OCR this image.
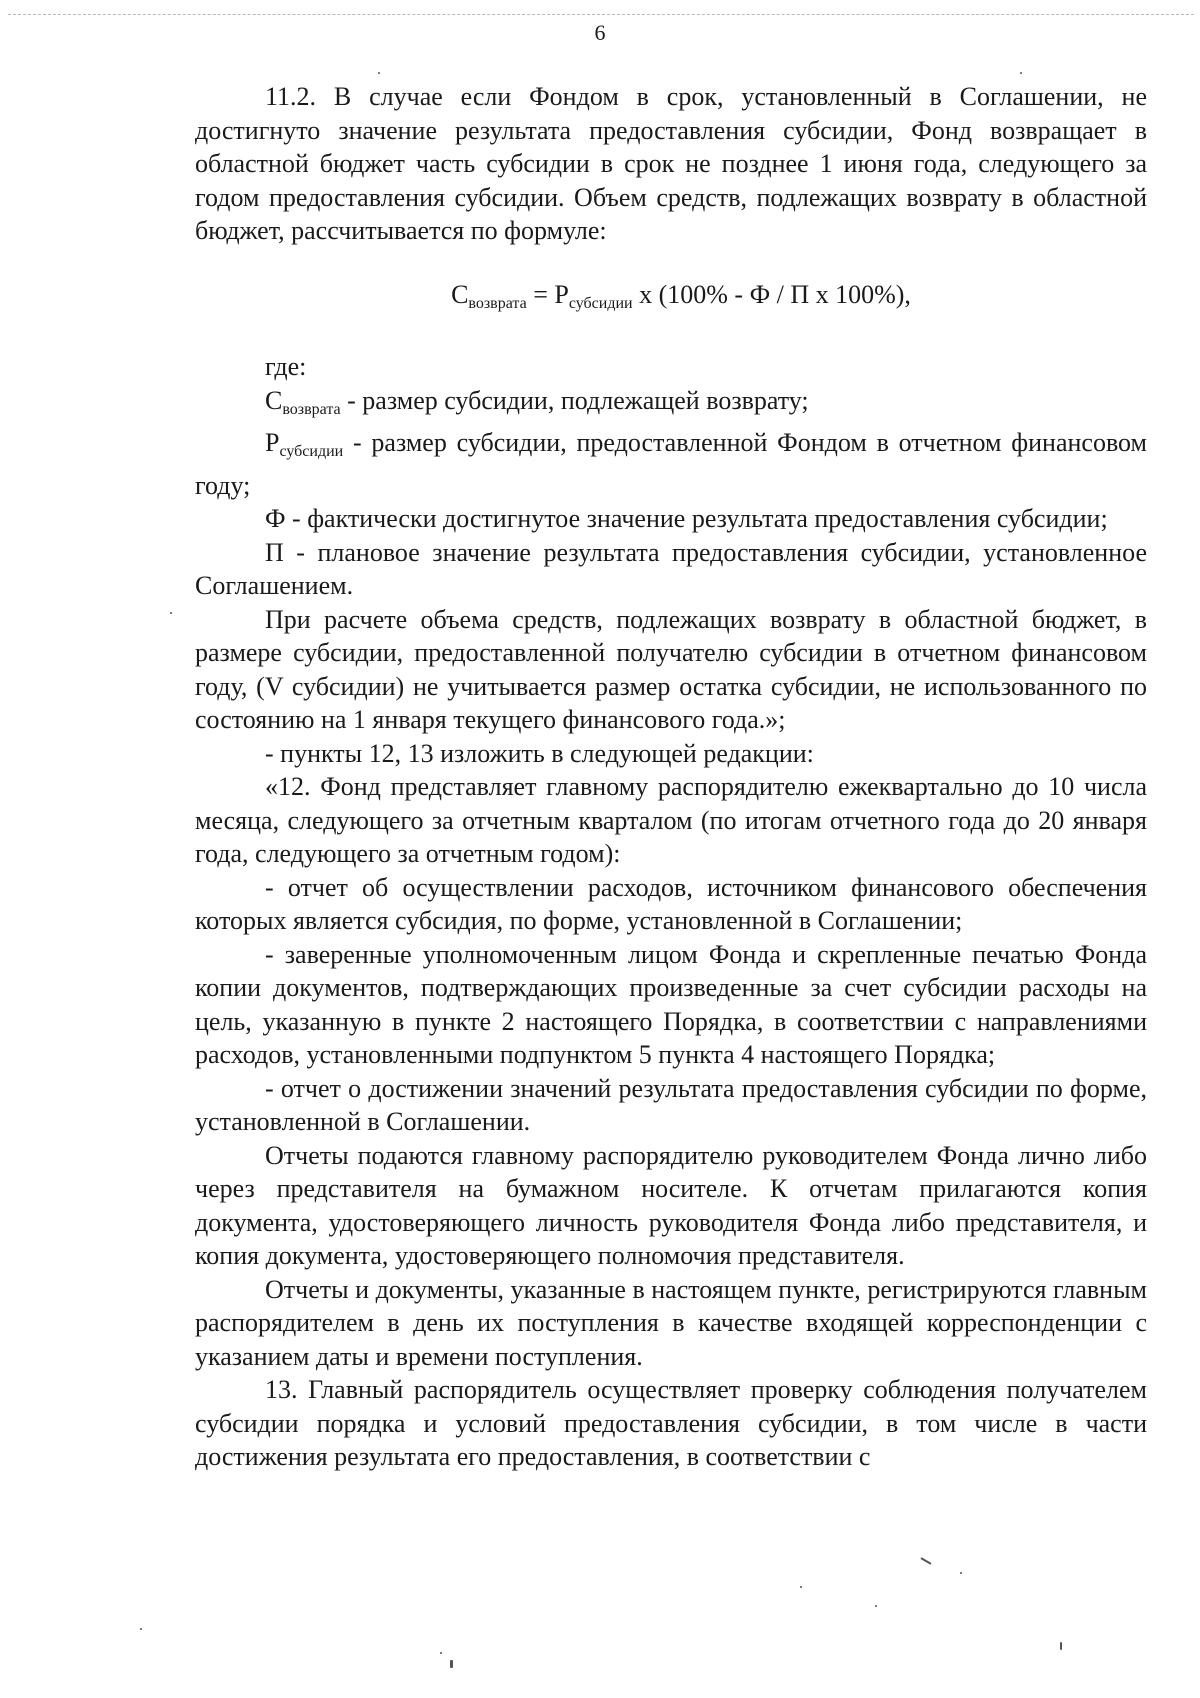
6

11.2. В случае если Фондом в срок, установленный в Соглашении, не достигнуто значение результата предоставления субсидии, Фонд возвращает в областной бюджет часть субсидии в срок не позднее 1 июня года, следующего за годом предоставления субсидии. Объем средств, подлежащих возврату в областной бюджет, рассчитывается по формуле:

$С_{возврата} = Р_{субсидии}$ х (100% - Ф / П х 100%),

где:

$С_{возврата}$ - размер субсидии, подлежащей возврату;

$Р_{субсидии}$ - размер субсидии, предоставленной Фондом в отчетном финансовом году;

Ф - фактически достигнутое значение результата предоставления субсидии;

П - плановое значение результата предоставления субсидии, установленное Соглашением.

При расчете объема средств, подлежащих возврату в областной бюджет, в размере субсидии, предоставленной получателю субсидии в отчетном финансовом году, (V субсидии) не учитывается размер остатка субсидии, не использованного по состоянию на 1 января текущего финансового года.»;

- пункты 12, 13 изложить в следующей редакции:

«12. Фонд представляет главному распорядителю ежеквартально до 10 числа месяца, следующего за отчетным кварталом (по итогам отчетного года до 20 января года, следующего за отчетным годом):

- отчет об осуществлении расходов, источником финансового обеспечения которых является субсидия, по форме, установленной в Соглашении;

- заверенные уполномоченным лицом Фонда и скрепленные печатью Фонда копии документов, подтверждающих произведенные за счет субсидии расходы на цель, указанную в пункте 2 настоящего Порядка, в соответствии с направлениями расходов, установленными подпунктом 5 пункта 4 настоящего Порядка;

- отчет о достижении значений результата предоставления субсидии по форме, установленной в Соглашении.

Отчеты подаются главному распорядителю руководителем Фонда лично либо через представителя на бумажном носителе. К отчетам прилагаются копия документа, удостоверяющего личность руководителя Фонда либо представителя, и копия документа, удостоверяющего полномочия представителя.

Отчеты и документы, указанные в настоящем пункте, регистрируются главным распорядителем в день их поступления в качестве входящей корреспонденции с указанием даты и времени поступления.

13. Главный распорядитель осуществляет проверку соблюдения получателем субсидии порядка и условий предоставления субсидии, в том числе в части достижения результата его предоставления, в соответствии с
